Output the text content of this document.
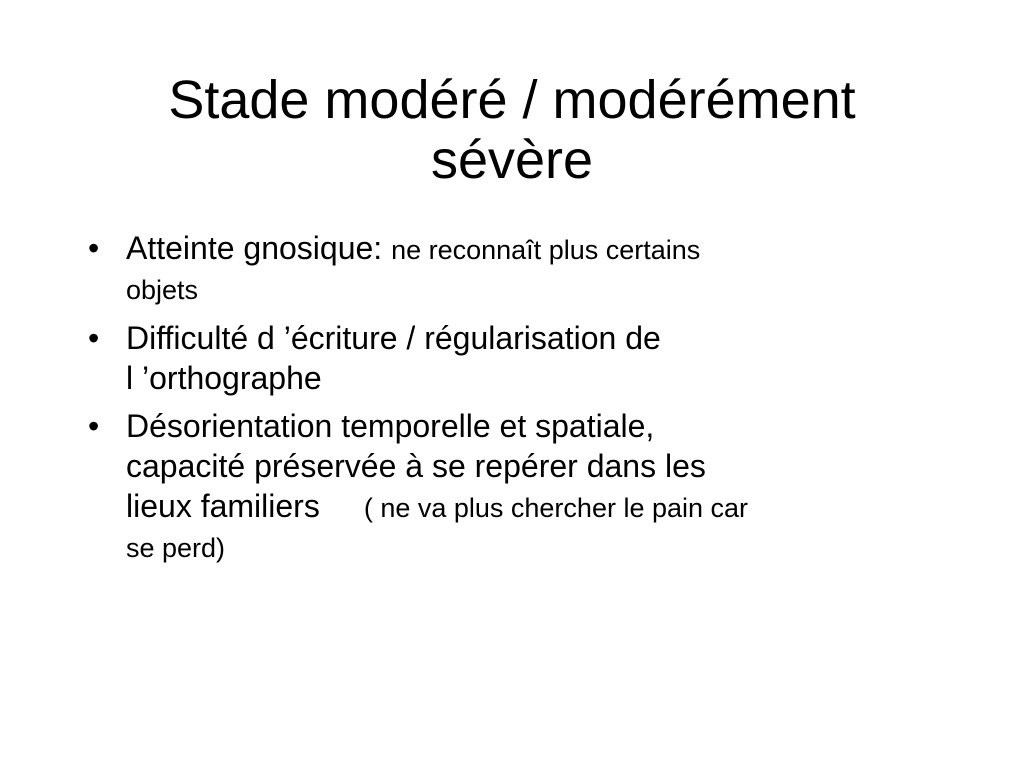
Stade modéré / modérément
sévère
• Atteinte gnosique: ne reconnaît plus certains
objets
• Difficulté d ’écriture / régularisation de
l ’orthographe
• Désorientation temporelle et spatiale,
capacité préservée à se repérer dans les
lieux familiers ( ne va plus chercher le pain car
se perd)
